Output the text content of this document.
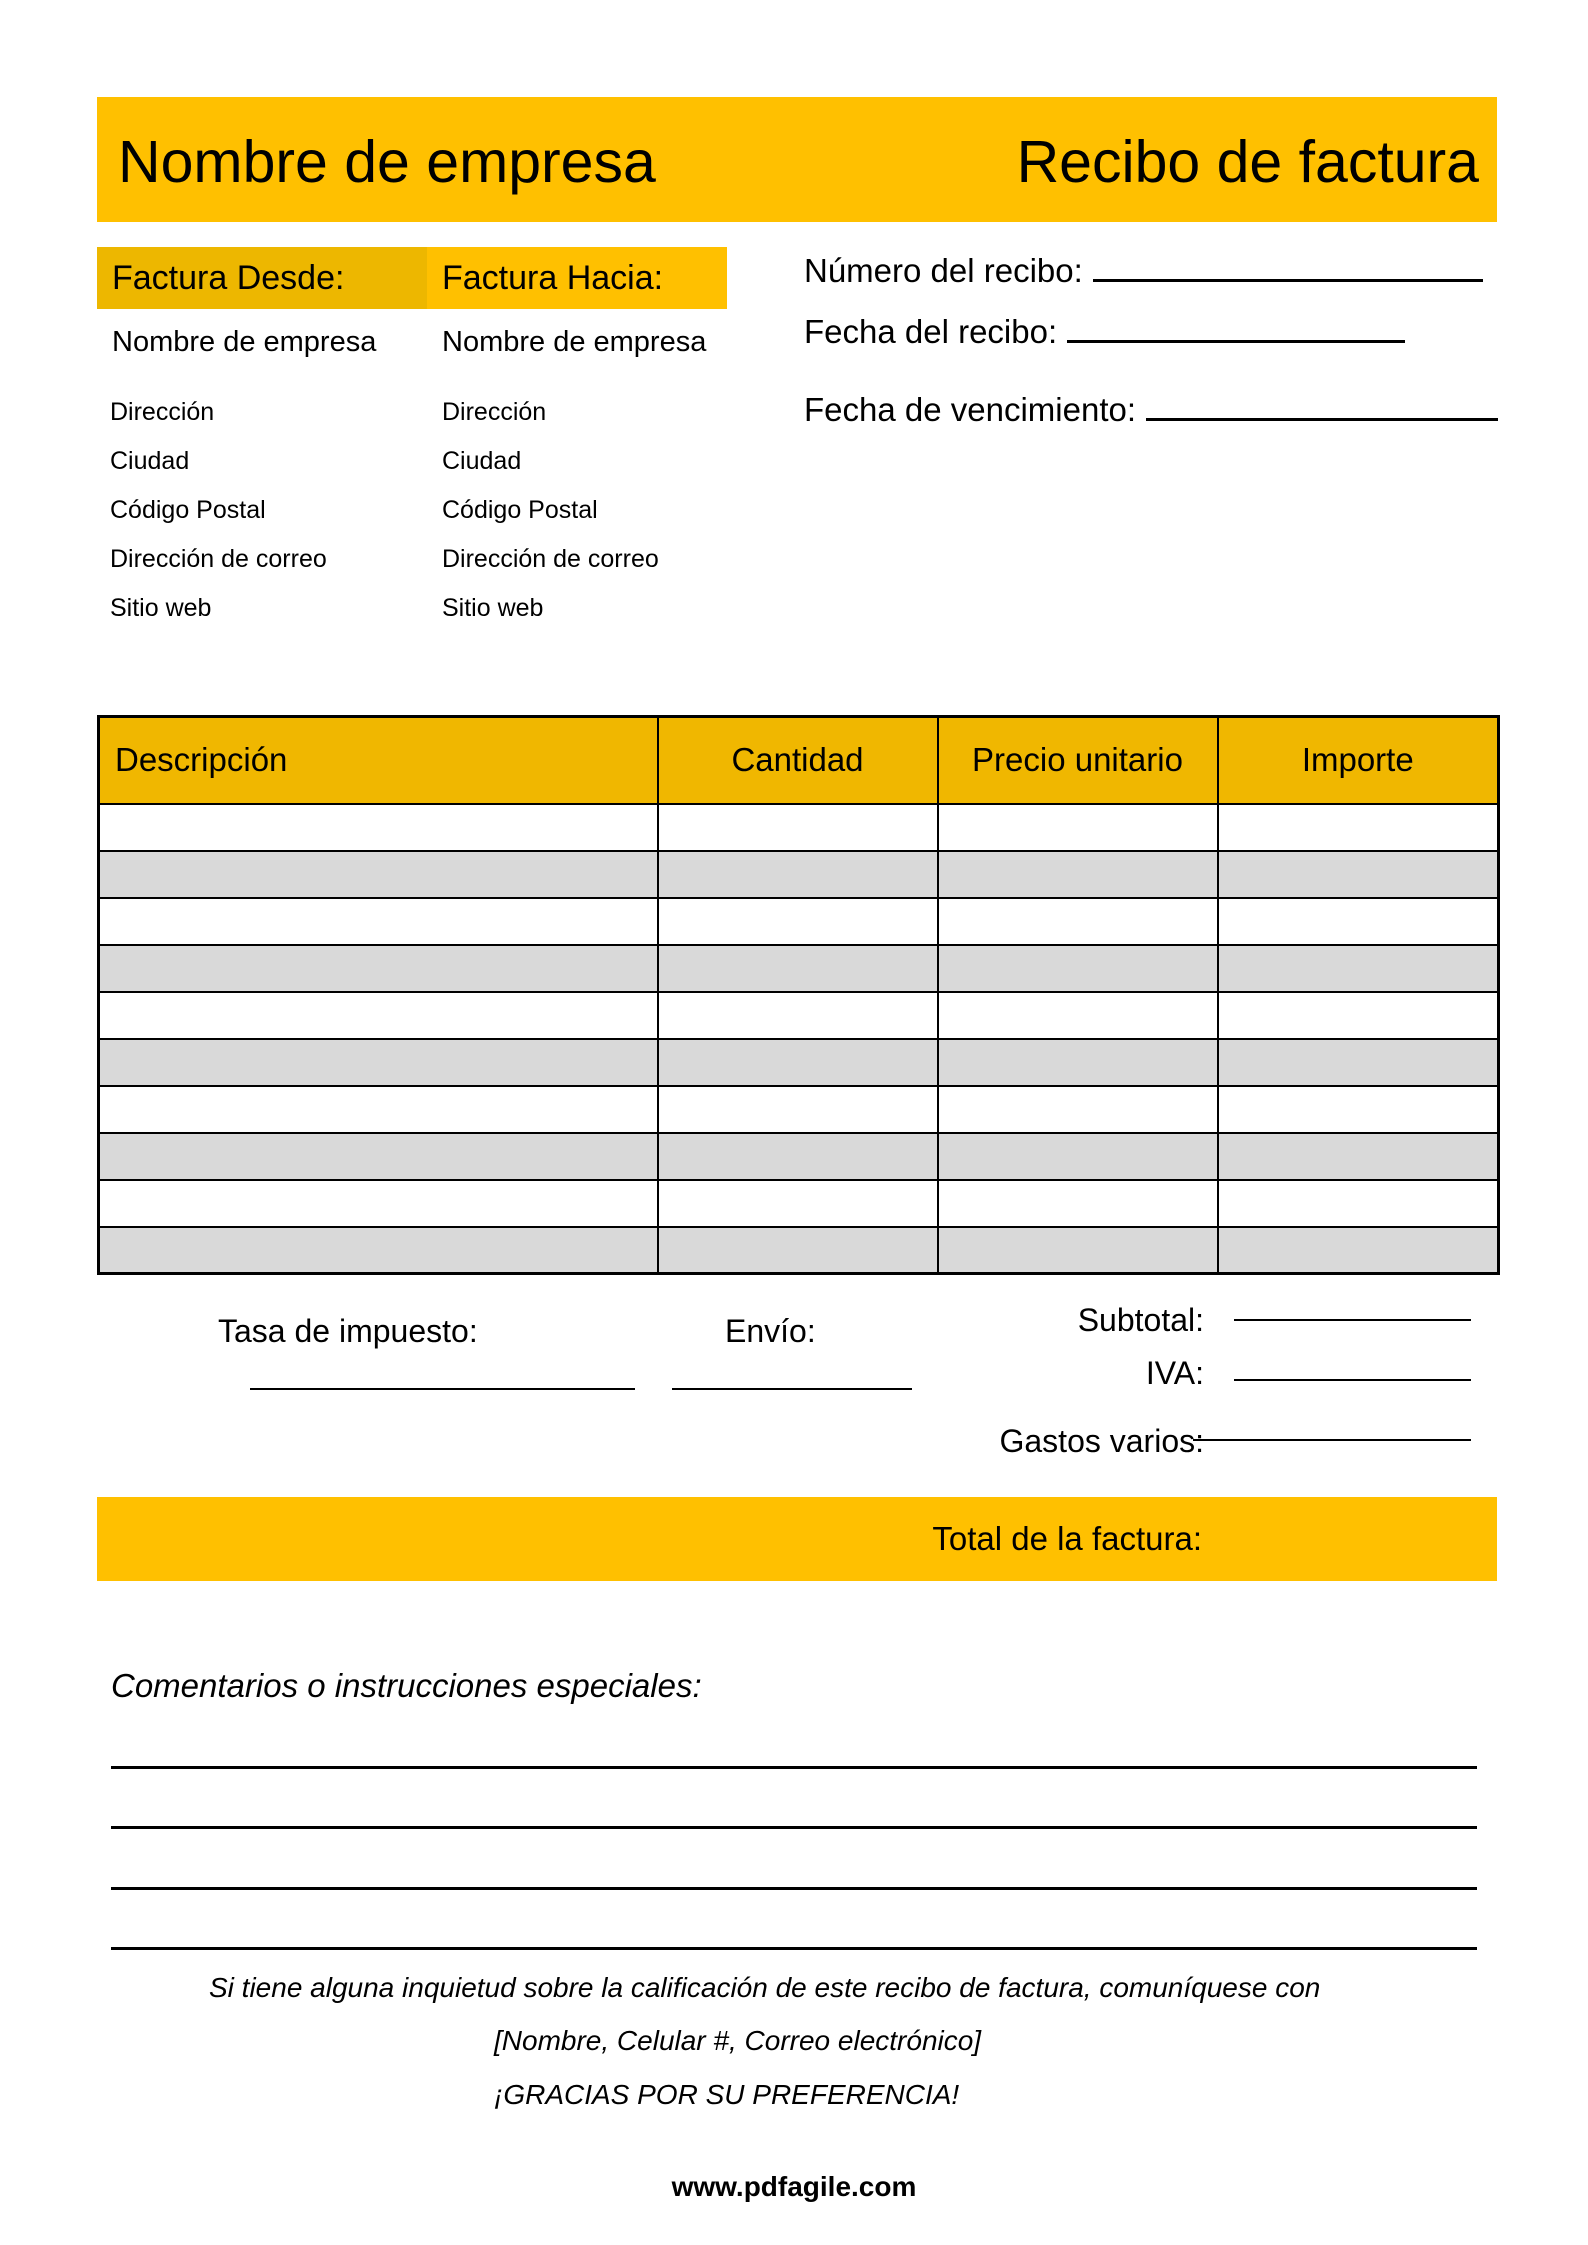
Nombre de empresa	Recibo de factura
Factura Desde:
Nombre de empresa
Dirección
Ciudad
Código Postal
Dirección de correo
Sitio web
Factura Hacia:
Nombre de empresa
Dirección
Ciudad
Código Postal
Dirección de correo
Sitio web
Número del recibo:
Fecha del recibo:
Fecha de vencimiento:
Descripción	Cantidad	Precio unitario	Importe

Tasa de impuesto:	Envío:	Subtotal:
IVA:
Gastos varios:
Total de la factura:
Comentarios o instrucciones especiales:
Si tiene alguna inquietud sobre la calificación de este recibo de factura, comuníquese con
[Nombre, Celular #, Correo electrónico]
¡GRACIAS POR SU PREFERENCIA!
www.pdfagile.com
